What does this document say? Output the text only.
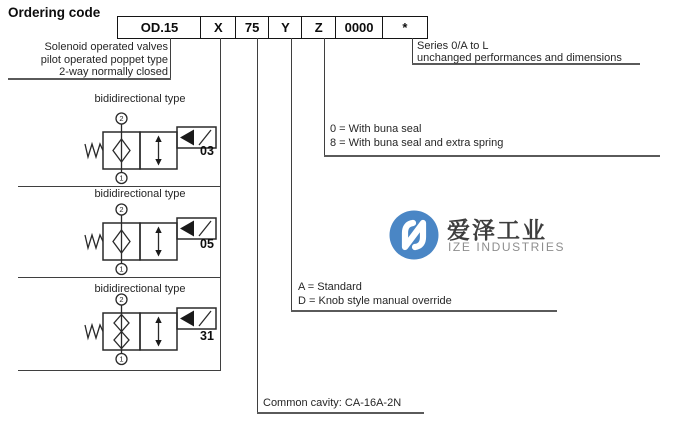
Ordering code
OD.15	X	75	Y	Z	0000	*
Solenoid operated valves
pilot operated poppet type
2-way normally closed
Series 0/A to L
unchanged performances and dimensions
0 = With buna seal
8 = With buna seal and extra spring
A = Standard
D = Knob style manual override
Common cavity: CA-16A-2N
bididirectional type
2
1
03
bididirectional type
2
1
05
bididirectional type
2
1
31
爱泽工业
IZE INDUSTRIES
